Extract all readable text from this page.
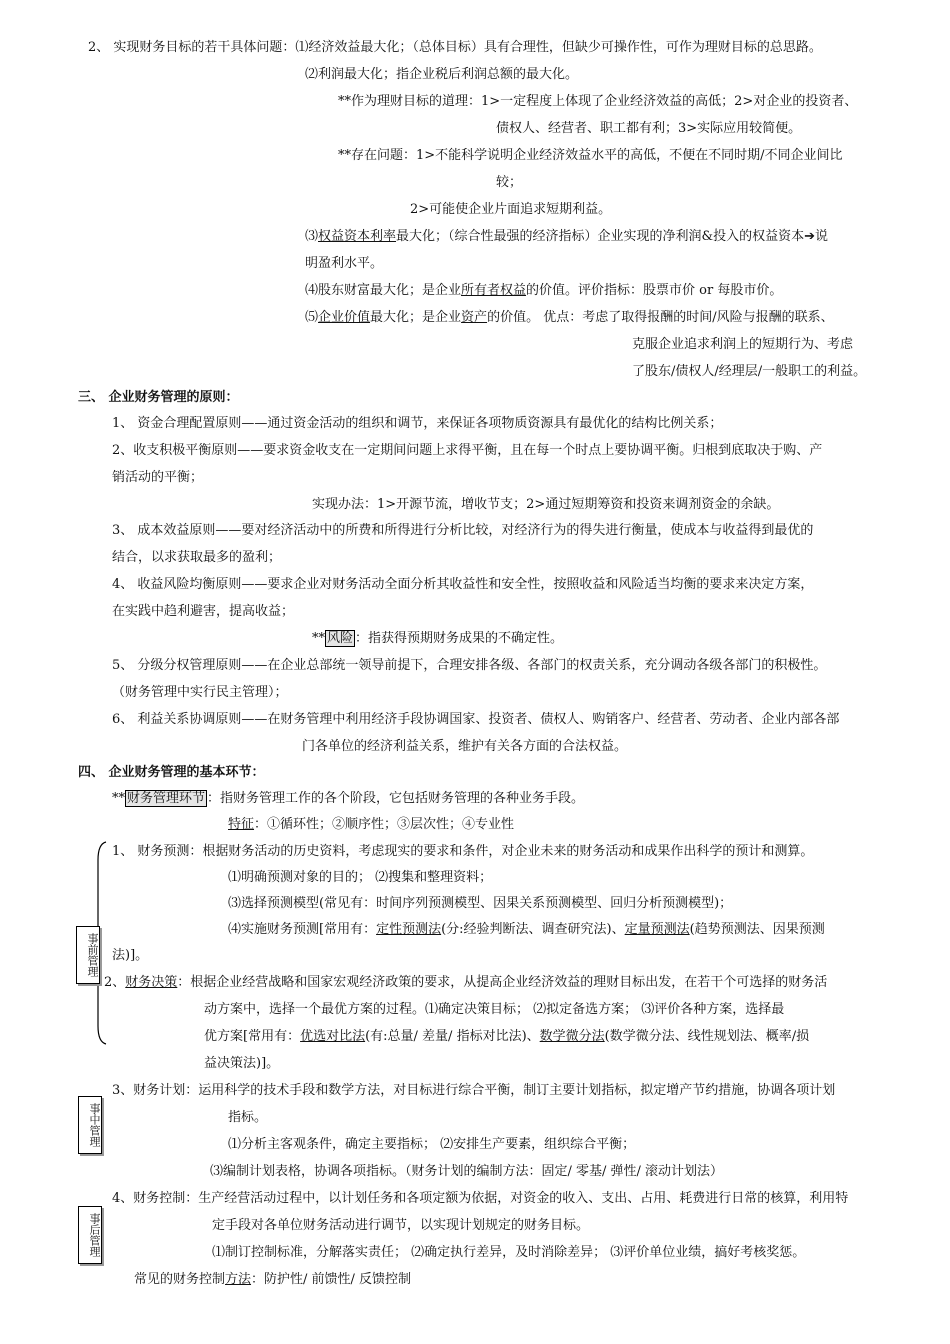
2、 实现财务目标的若干具体问题：⑴经济效益最大化；（总体目标）具有合理性，但缺少可操作性，可作为理财目标的总思路。
⑵利润最大化；指企业税后利润总额的最大化。
**作为理财目标的道理：1>一定程度上体现了企业经济效益的高低；2>对企业的投资者、
债权人、经营者、职工都有利；3>实际应用较简便。
**存在问题：1>不能科学说明企业经济效益水平的高低，不便在不同时期/不同企业间比
较；
2>可能使企业片面追求短期利益。
⑶权益资本利率最大化；（综合性最强的经济指标）企业实现的净利润&投入的权益资本➔说
明盈利水平。
⑷股东财富最大化；是企业所有者权益的价值。评价指标：股票市价 or 每股市价。
⑸企业价值最大化；是企业资产的价值。 优点：考虑了取得报酬的时间/风险与报酬的联系、
克服企业追求利润上的短期行为、考虑
了股东/债权人/经理层/一般职工的利益。
三、 企业财务管理的原则：
1、 资金合理配置原则——通过资金活动的组织和调节，来保证各项物质资源具有最优化的结构比例关系；
2、收支积极平衡原则——要求资金收支在一定期间问题上求得平衡，且在每一个时点上要协调平衡。归根到底取决于购、产
销活动的平衡；
实现办法：1>开源节流，增收节支；2>通过短期筹资和投资来调剂资金的余缺。
3、 成本效益原则——要对经济活动中的所费和所得进行分析比较，对经济行为的得失进行衡量，使成本与收益得到最优的
结合，以求获取最多的盈利；
4、 收益风险均衡原则——要求企业对财务活动全面分析其收益性和安全性，按照收益和风险适当均衡的要求来决定方案，
在实践中趋利避害，提高收益；
** 风险 ：指获得预期财务成果的不确定性。
5、 分级分权管理原则——在企业总部统一领导前提下，合理安排各级、各部门的权责关系，充分调动各级各部门的积极性。
（财务管理中实行民主管理）；
6、 利益关系协调原则——在财务管理中利用经济手段协调国家、投资者、债权人、购销客户、经营者、劳动者、企业内部各部
门各单位的经济利益关系，维护有关各方面的合法权益。
四、 企业财务管理的基本环节：
** 财务管理环节 ：指财务管理工作的各个阶段，它包括财务管理的各种业务手段。
特征：①循环性；②顺序性；③层次性；④专业性
事前管理
1、 财务预测：根据财务活动的历史资料，考虑现实的要求和条件，对企业未来的财务活动和成果作出科学的预计和测算。
⑴明确预测对象的目的； ⑵搜集和整理资料；
⑶选择预测模型(常见有：时间序列预测模型、因果关系预测模型、回归分析预测模型)；
⑷实施财务预测[常用有：定性预测法(分:经验判断法、调查研究法)、定量预测法(趋势预测法、因果预测
法)]。
2、财务决策：根据企业经营战略和国家宏观经济政策的要求，从提高企业经济效益的理财目标出发，在若干个可选择的财务活
动方案中，选择一个最优方案的过程。⑴确定决策目标； ⑵拟定备选方案； ⑶评价各种方案，选择最
优方案[常用有：优选对比法(有:总量/ 差量/ 指标对比法)、数学微分法(数学微分法、线性规划法、概率/损
益决策法)]。
事中管理
3、财务计划：运用科学的技术手段和数学方法，对目标进行综合平衡，制订主要计划指标，拟定增产节约措施，协调各项计划
指标。
⑴分析主客观条件，确定主要指标； ⑵安排生产要素，组织综合平衡；
⑶编制计划表格，协调各项指标。（财务计划的编制方法：固定/ 零基/ 弹性/ 滚动计划法）
事后管理
4、财务控制：生产经营活动过程中，以计划任务和各项定额为依据，对资金的收入、支出、占用、耗费进行日常的核算，利用特
定手段对各单位财务活动进行调节，以实现计划规定的财务目标。
⑴制订控制标准，分解落实责任； ⑵确定执行差异，及时消除差异； ⑶评价单位业绩，搞好考核奖惩。
常见的财务控制方法：防护性/ 前馈性/ 反馈控制
